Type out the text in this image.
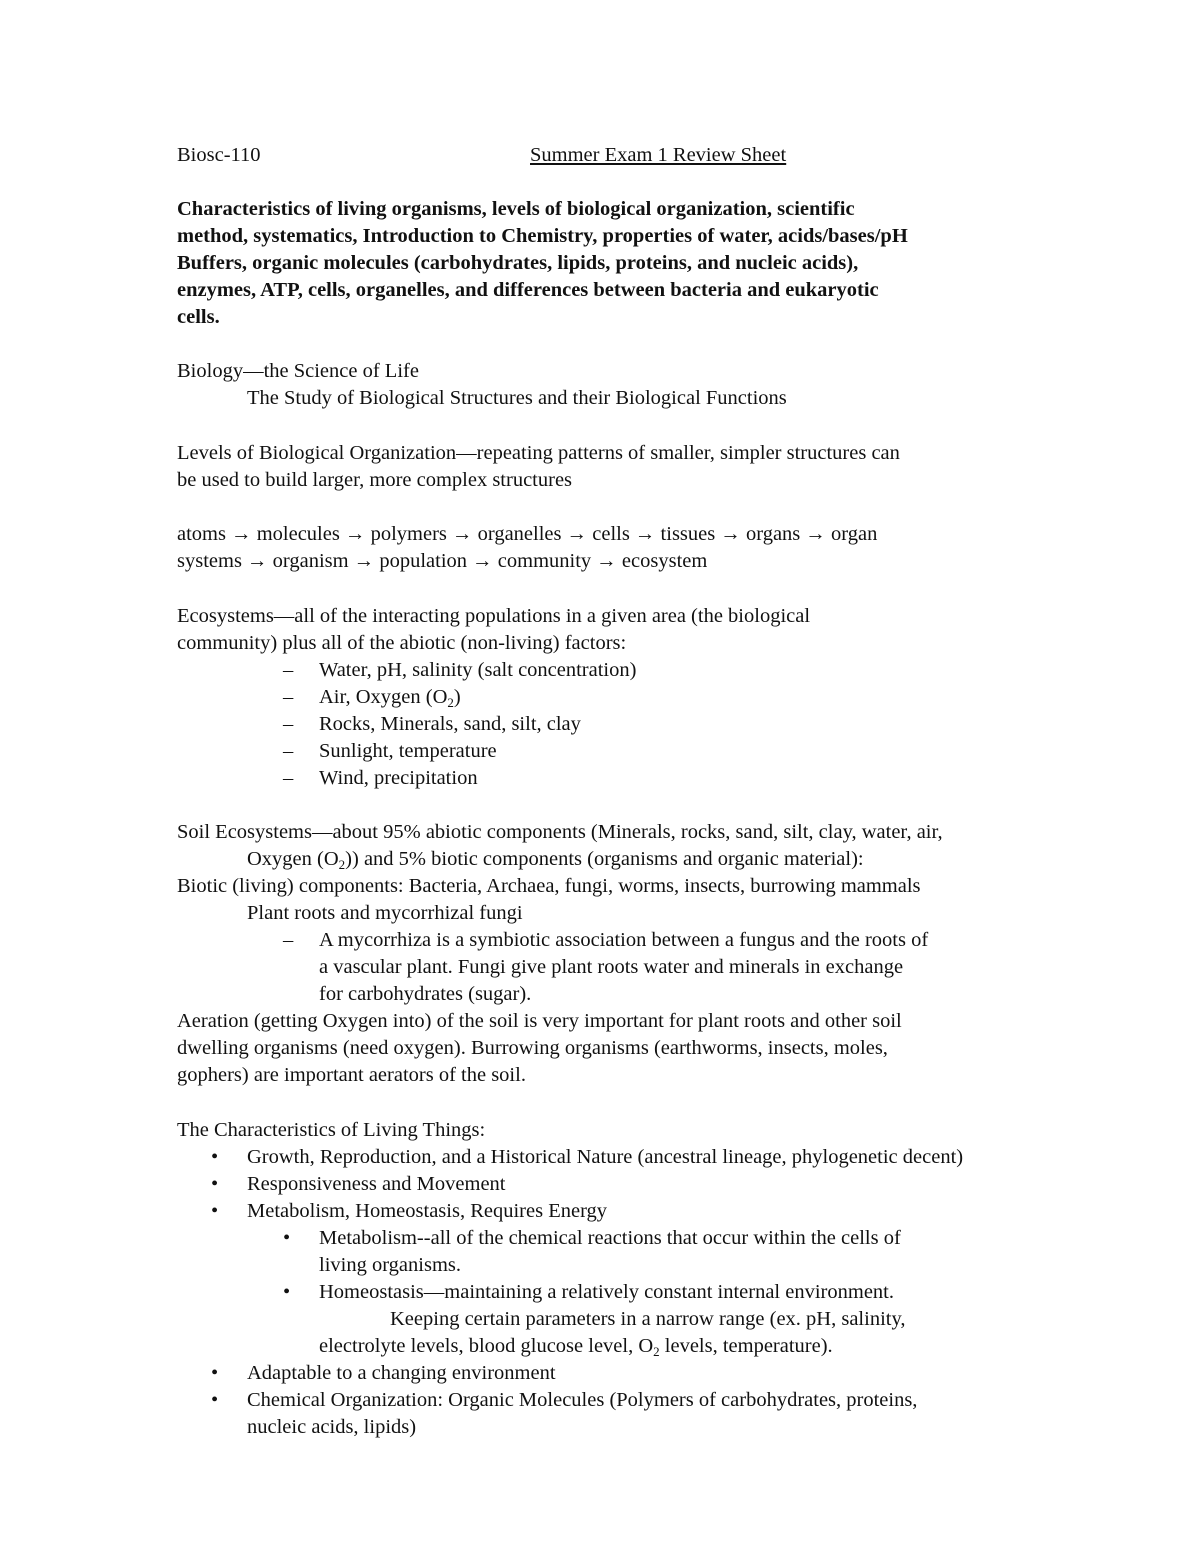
Biosc-110	Summer Exam 1 Review Sheet

Characteristics of living organisms, levels of biological organization, scientific

method, systematics, Introduction to Chemistry, properties of water, acids/bases/pH

Buffers, organic molecules (carbohydrates, lipids, proteins, and nucleic acids),

enzymes, ATP, cells, organelles, and differences between bacteria and eukaryotic

cells.

Biology—the Science of Life

The Study of Biological Structures and their Biological Functions

Levels of Biological Organization—repeating patterns of smaller, simpler structures can

be used to build larger, more complex structures

atoms → molecules → polymers → organelles → cells → tissues → organs → organ

systems → organism → population → community → ecosystem

Ecosystems—all of the interacting populations in a given area (the biological

community) plus all of the abiotic (non-living) factors:

– Water, pH, salinity (salt concentration)
– Air, Oxygen $(O_2)$
– Rocks, Minerals, sand, silt, clay
– Sunlight, temperature
– Wind, precipitation

Soil Ecosystems—about 95% abiotic components (Minerals, rocks, sand, silt, clay, water, air,

Oxygen $(O_2)$) and 5% biotic components (organisms and organic material):

Biotic (living) components: Bacteria, Archaea, fungi, worms, insects, burrowing mammals

Plant roots and mycorrhizal fungi

– A mycorrhiza is a symbiotic association between a fungus and the roots of

a vascular plant. Fungi give plant roots water and minerals in exchange

for carbohydrates (sugar).

Aeration (getting Oxygen into) of the soil is very important for plant roots and other soil

dwelling organisms (need oxygen). Burrowing organisms (earthworms, insects, moles,

gophers) are important aerators of the soil.

The Characteristics of Living Things:

• Growth, Reproduction, and a Historical Nature (ancestral lineage, phylogenetic decent)
• Responsiveness and Movement
• Metabolism, Homeostasis, Requires Energy
• Metabolism--all of the chemical reactions that occur within the cells of

living organisms.

• Homeostasis—maintaining a relatively constant internal environment.

Keeping certain parameters in a narrow range (ex. pH, salinity,

electrolyte levels, blood glucose level, $O_2$ levels, temperature).

• Adaptable to a changing environment
• Chemical Organization: Organic Molecules (Polymers of carbohydrates, proteins,

nucleic acids, lipids)
